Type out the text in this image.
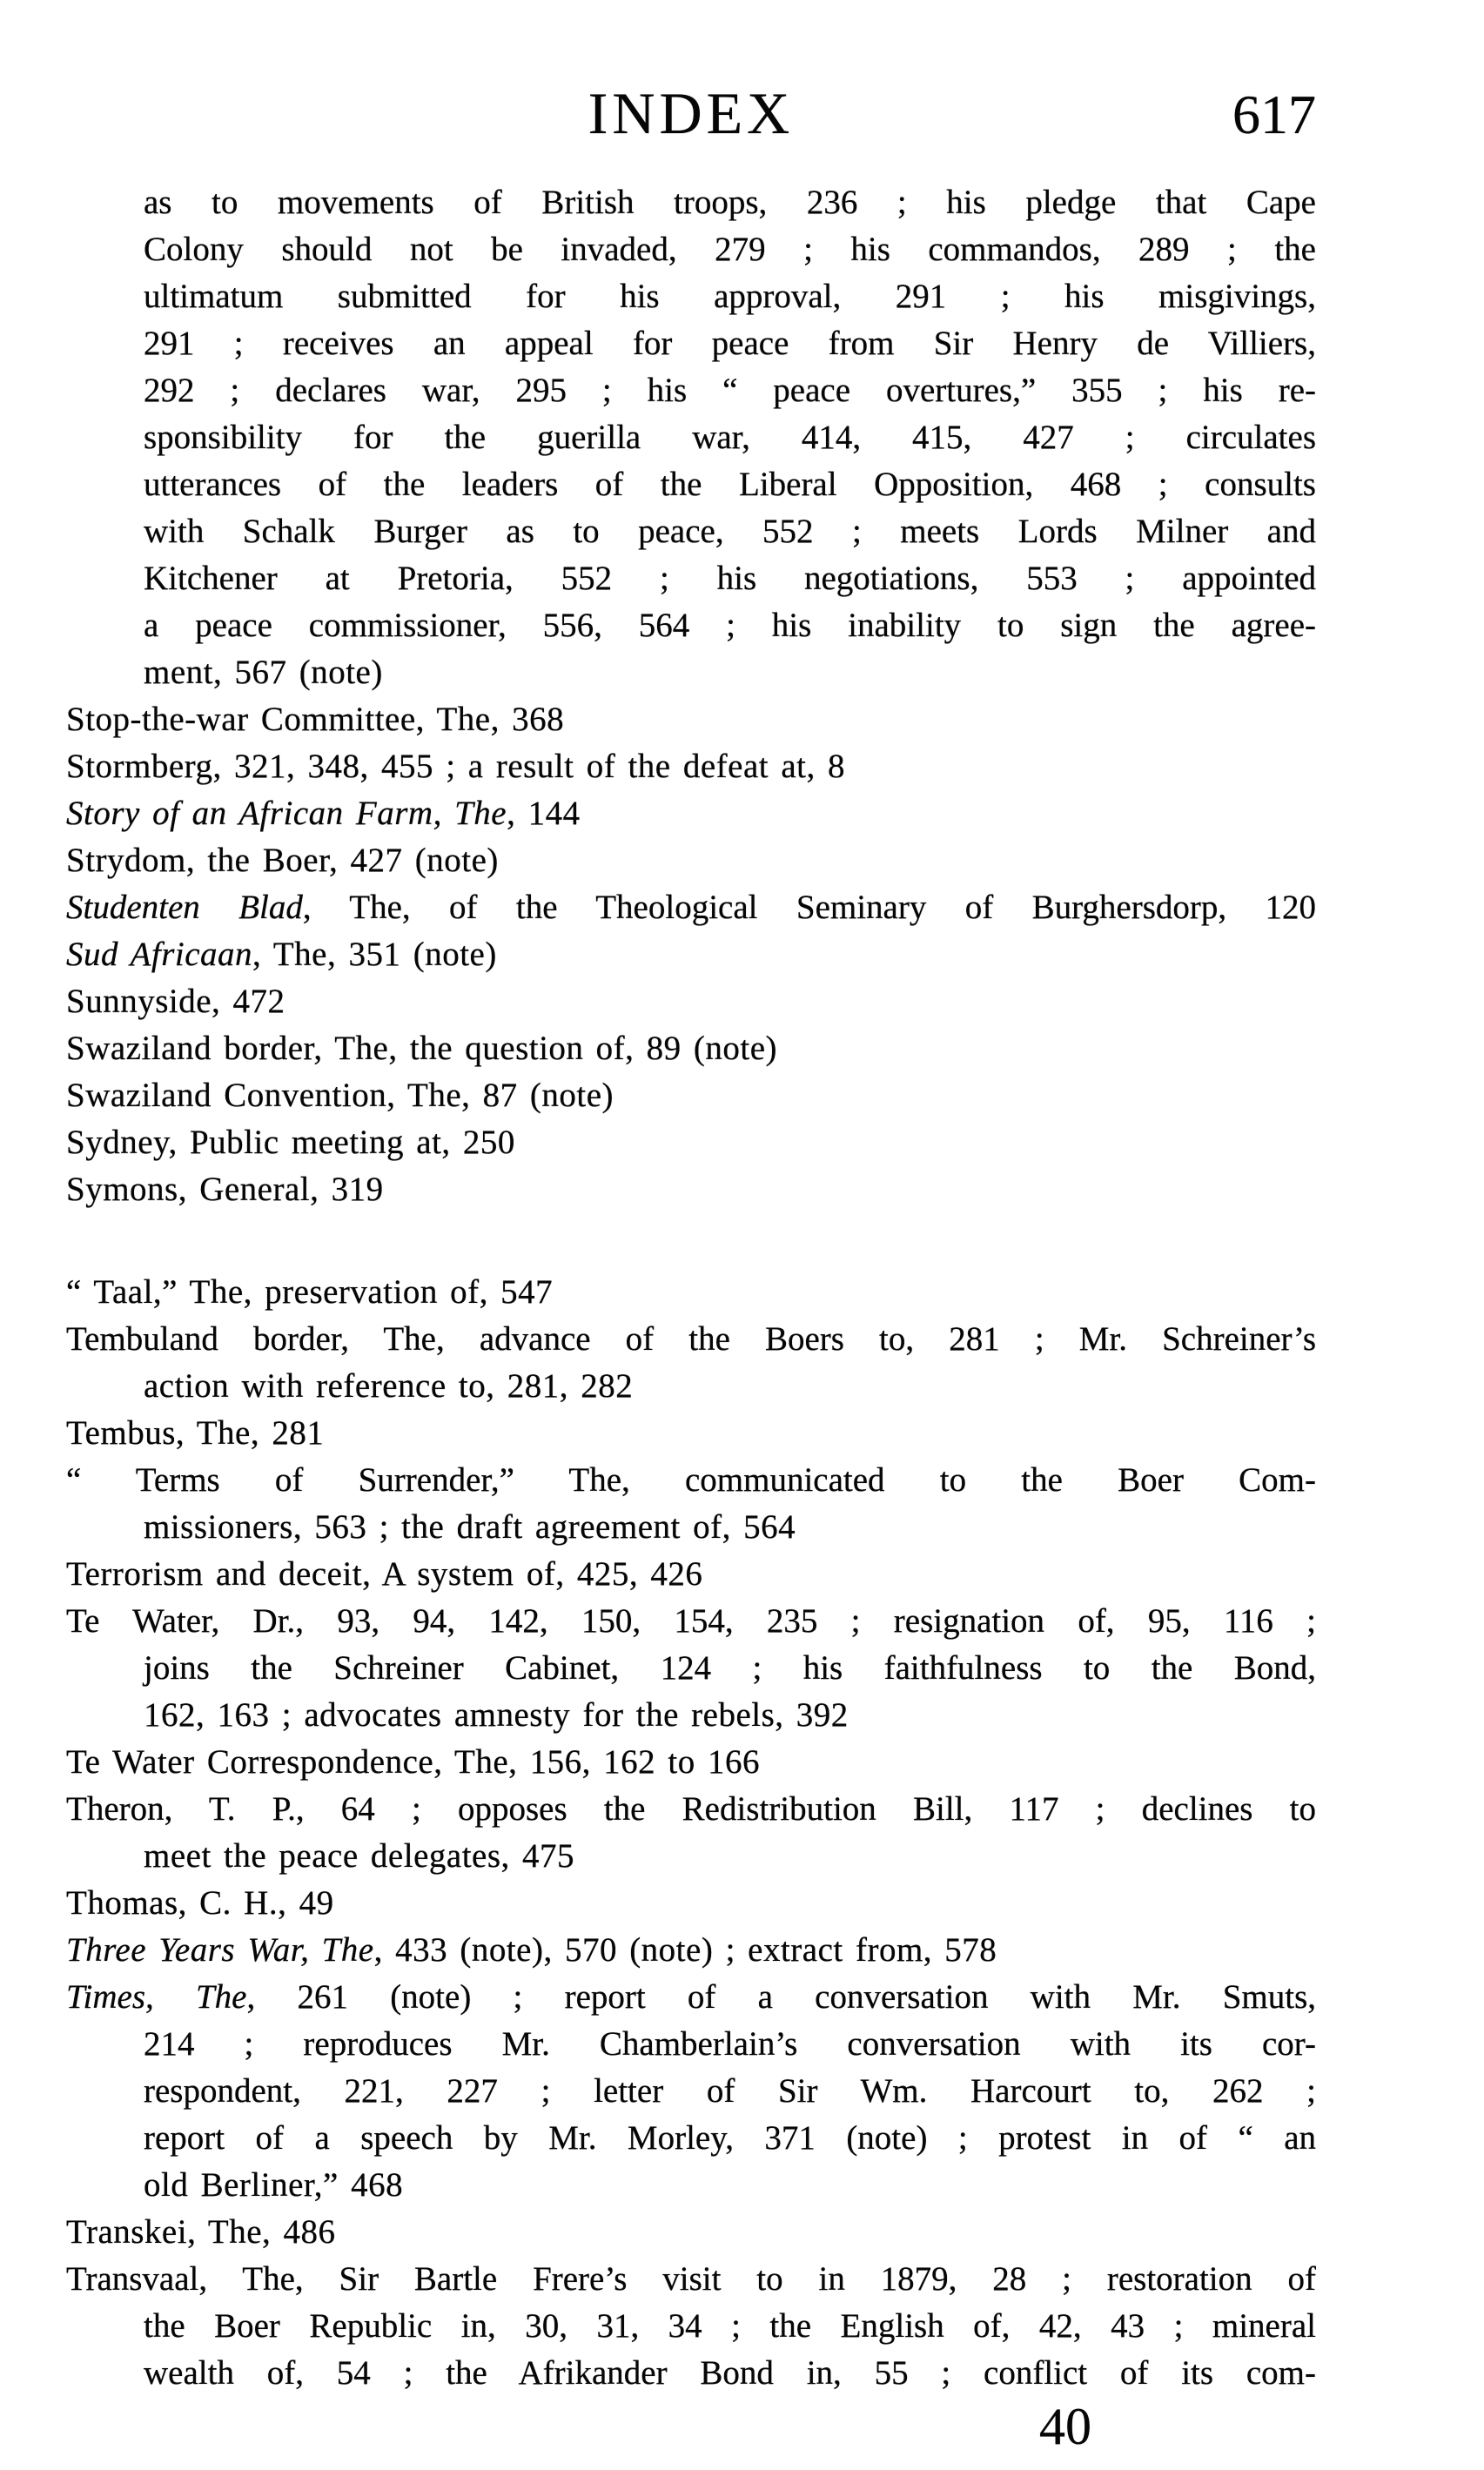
INDEX	617
as to movements of British troops, 236 ; his pledge that Cape
Colony should not be invaded, 279 ; his commandos, 289 ; the
ultimatum submitted for his approval, 291 ; his misgivings,
291 ; receives an appeal for peace from Sir Henry de Villiers,
292 ; declares war, 295 ; his “ peace overtures,” 355 ; his re-
sponsibility for the guerilla war, 414, 415, 427 ; circulates
utterances of the leaders of the Liberal Opposition, 468 ; consults
with Schalk Burger as to peace, 552 ; meets Lords Milner and
Kitchener at Pretoria, 552 ; his negotiations, 553 ; appointed
a peace commissioner, 556, 564 ; his inability to sign the agree-
ment, 567 (note)
Stop-the-war Committee, The, 368
Stormberg, 321, 348, 455 ; a result of the defeat at, 8
Story of an African Farm, The, 144
Strydom, the Boer, 427 (note)
Studenten Blad, The, of the Theological Seminary of Burghersdorp, 120
Sud Africaan, The, 351 (note)
Sunnyside, 472
Swaziland border, The, the question of, 89 (note)
Swaziland Convention, The, 87 (note)
Sydney, Public meeting at, 250
Symons, General, 319
“ Taal,” The, preservation of, 547
Tembuland border, The, advance of the Boers to, 281 ; Mr. Schreiner’s
action with reference to, 281, 282
Tembus, The, 281
“ Terms of Surrender,” The, communicated to the Boer Com-
missioners, 563 ; the draft agreement of, 564
Terrorism and deceit, A system of, 425, 426
Te Water, Dr., 93, 94, 142, 150, 154, 235 ; resignation of, 95, 116 ;
joins the Schreiner Cabinet, 124 ; his faithfulness to the Bond,
162, 163 ; advocates amnesty for the rebels, 392
Te Water Correspondence, The, 156, 162 to 166
Theron, T. P., 64 ; opposes the Redistribution Bill, 117 ; declines to
meet the peace delegates, 475
Thomas, C. H., 49
Three Years War, The, 433 (note), 570 (note) ; extract from, 578
Times, The, 261 (note) ; report of a conversation with Mr. Smuts,
214 ; reproduces Mr. Chamberlain’s conversation with its cor-
respondent, 221, 227 ; letter of Sir Wm. Harcourt to, 262 ;
report of a speech by Mr. Morley, 371 (note) ; protest in of “ an
old Berliner,” 468
Transkei, The, 486
Transvaal, The, Sir Bartle Frere’s visit to in 1879, 28 ; restoration of
the Boer Republic in, 30, 31, 34 ; the English of, 42, 43 ; mineral
wealth of, 54 ; the Afrikander Bond in, 55 ; conflict of its com-
40
